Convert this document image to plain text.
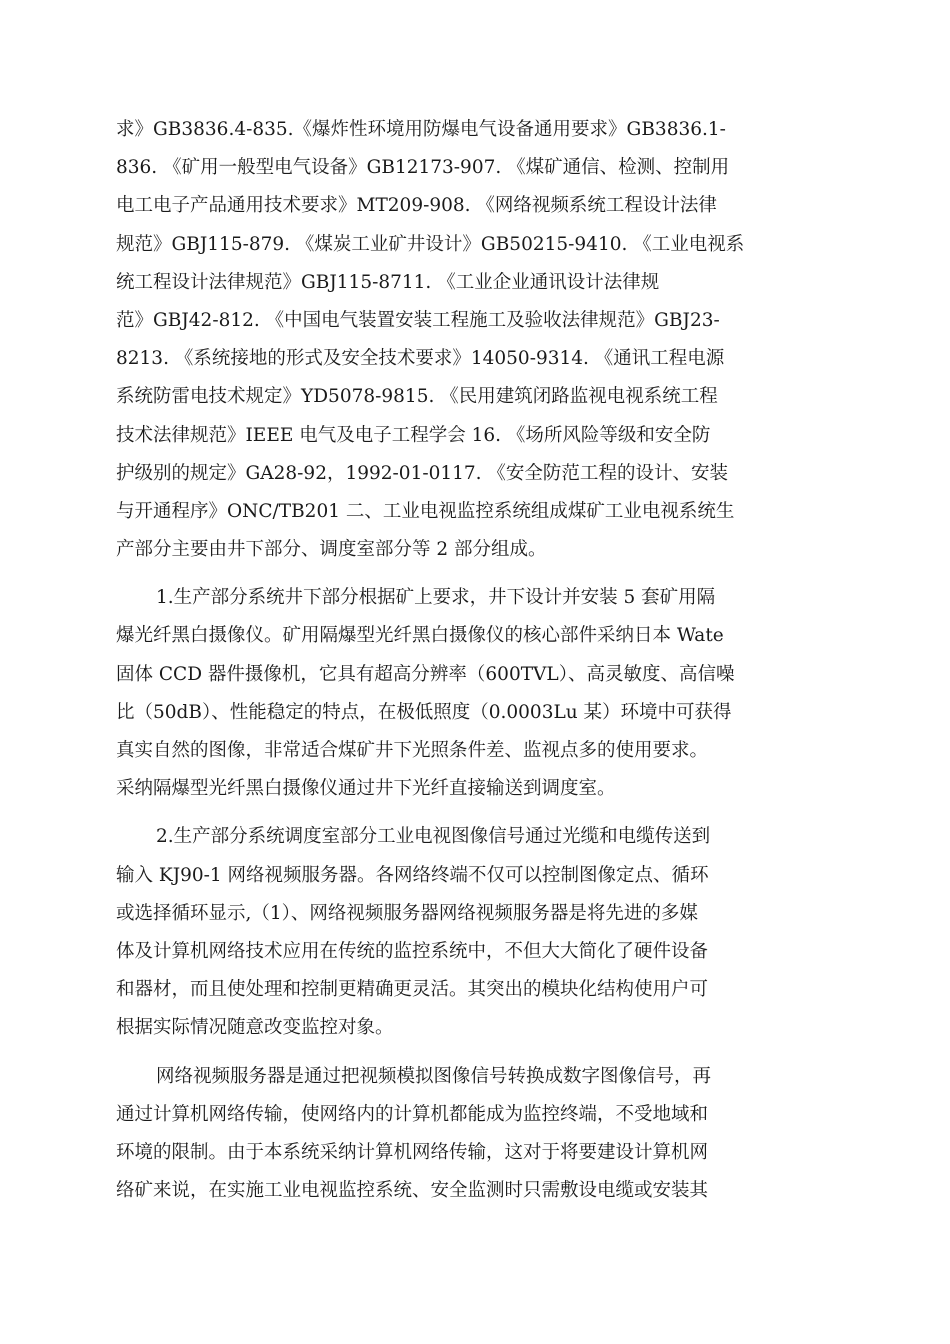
求》GB3836.4-835.《爆炸性环境用防爆电气设备通用要求》GB3836.1-
836. 《矿用一般型电气设备》GB12173-907. 《煤矿通信、检测、控制用
电工电子产品通用技术要求》MT209-908. 《网络视频系统工程设计法律
规范》GBJ115-879. 《煤炭工业矿井设计》GB50215-9410. 《工业电视系
统工程设计法律规范》GBJ115-8711. 《工业企业通讯设计法律规
范》GBJ42-812. 《中国电气装置安装工程施工及验收法律规范》GBJ23-
8213. 《系统接地的形式及安全技术要求》14050-9314. 《通讯工程电源
系统防雷电技术规定》YD5078-9815. 《民用建筑闭路监视电视系统工程
技术法律规范》IEEE 电气及电子工程学会 16. 《场所风险等级和安全防
护级别的规定》GA28-92，1992-01-0117. 《安全防范工程的设计、安装
与开通程序》ONC/TB201 二、工业电视监控系统组成煤矿工业电视系统生
产部分主要由井下部分、调度室部分等 2 部分组成。
1.生产部分系统井下部分根据矿上要求，井下设计并安装 5 套矿用隔
爆光纤黑白摄像仪。矿用隔爆型光纤黑白摄像仪的核心部件采纳日本 Wate
固体 CCD 器件摄像机，它具有超高分辨率（600TVL）、高灵敏度、高信噪
比（50dB）、性能稳定的特点，在极低照度（0.0003Lu 某）环境中可获得
真实自然的图像，非常适合煤矿井下光照条件差、监视点多的使用要求。
采纳隔爆型光纤黑白摄像仪通过井下光纤直接输送到调度室。
2.生产部分系统调度室部分工业电视图像信号通过光缆和电缆传送到
输入 KJ90-1 网络视频服务器。各网络终端不仅可以控制图像定点、循环
或选择循环显示,（1）、网络视频服务器网络视频服务器是将先进的多媒
体及计算机网络技术应用在传统的监控系统中，不但大大简化了硬件设备
和器材，而且使处理和控制更精确更灵活。其突出的模块化结构使用户可
根据实际情况随意改变监控对象。
网络视频服务器是通过把视频模拟图像信号转换成数字图像信号，再
通过计算机网络传输，使网络内的计算机都能成为监控终端，不受地域和
环境的限制。由于本系统采纳计算机网络传输，这对于将要建设计算机网
络矿来说，在实施工业电视监控系统、安全监测时只需敷设电缆或安装其
